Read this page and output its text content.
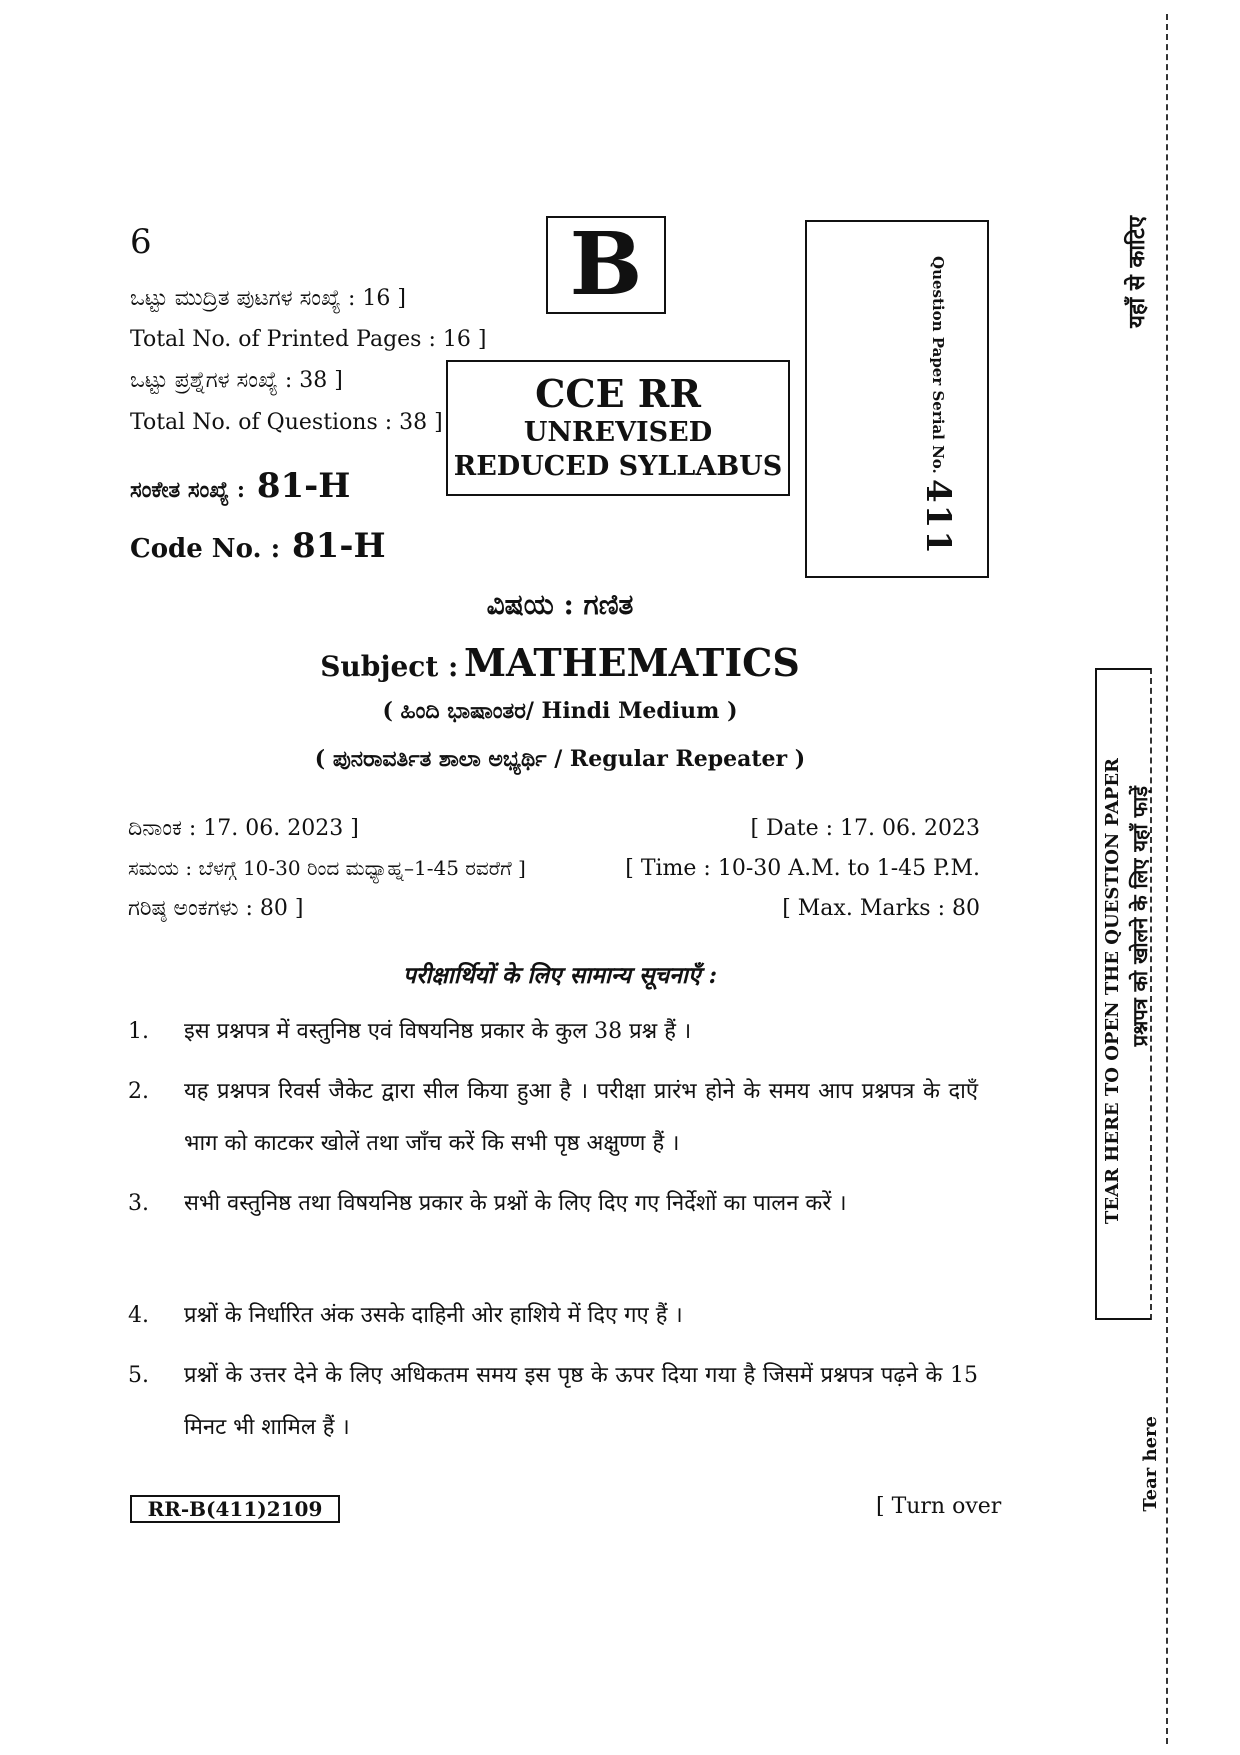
6
ಒಟ್ಟು ಮುದ್ರಿತ ಪುಟಗಳ ಸಂಖ್ಯೆ : 16 ]
Total No. of Printed Pages : 16 ]
ಒಟ್ಟು ಪ್ರಶ್ನೆಗಳ ಸಂಖ್ಯೆ : 38 ]
Total No. of Questions : 38 ]
ಸಂಕೇತ ಸಂಖ್ಯೆ : 81-H
Code No. : 81-H
B
CCE RR
UNREVISED
REDUCED SYLLABUS	Question Paper Serial No. 411
ವಿಷಯ : ಗಣಿತ
Subject : MATHEMATICS
( ಹಿಂದಿ ಭಾಷಾಂತರ/ Hindi Medium )
( ಪುನರಾವರ್ತಿತ ಶಾಲಾ ಅಭ್ಯರ್ಥಿ / Regular Repeater )
ದಿನಾಂಕ : 17. 06. 2023 ]	[ Date : 17. 06. 2023
ಸಮಯ : ಬೆಳಗ್ಗೆ 10-30 ರಿಂದ ಮಧ್ಯಾಹ್ನ–1-45 ರವರೆಗೆ ]	[ Time : 10-30 A.M. to 1-45 P.M.
ಗರಿಷ್ಠ ಅಂಕಗಳು : 80 ]	[ Max. Marks : 80
परीक्षार्थियों के लिए सामान्य सूचनाएँ :
1. इस प्रश्नपत्र में वस्तुनिष्ठ एवं विषयनिष्ठ प्रकार के कुल 38 प्रश्न हैं ।
2. यह प्रश्नपत्र रिवर्स जैकेट द्वारा सील किया हुआ है । परीक्षा प्रारंभ होने के समय आप प्रश्नपत्र के दाएँ भाग को काटकर खोलें तथा जाँच करें कि सभी पृष्ठ अक्षुण्ण हैं ।
3. सभी वस्तुनिष्ठ तथा विषयनिष्ठ प्रकार के प्रश्नों के लिए दिए गए निर्देशों का पालन करें ।
4. प्रश्नों के निर्धारित अंक उसके दाहिनी ओर हाशिये में दिए गए हैं ।
5. प्रश्नों के उत्तर देने के लिए अधिकतम समय इस पृष्ठ के ऊपर दिया गया है जिसमें प्रश्नपत्र पढ़ने के 15 मिनट भी शामिल हैं ।
RR-B(411)2109	[ Turn over
यहाँ से काटिए
TEAR HERE TO OPEN THE QUESTION PAPER प्रश्नपत्र को खोलने के लिए यहाँ फाड़ें
Tear here
